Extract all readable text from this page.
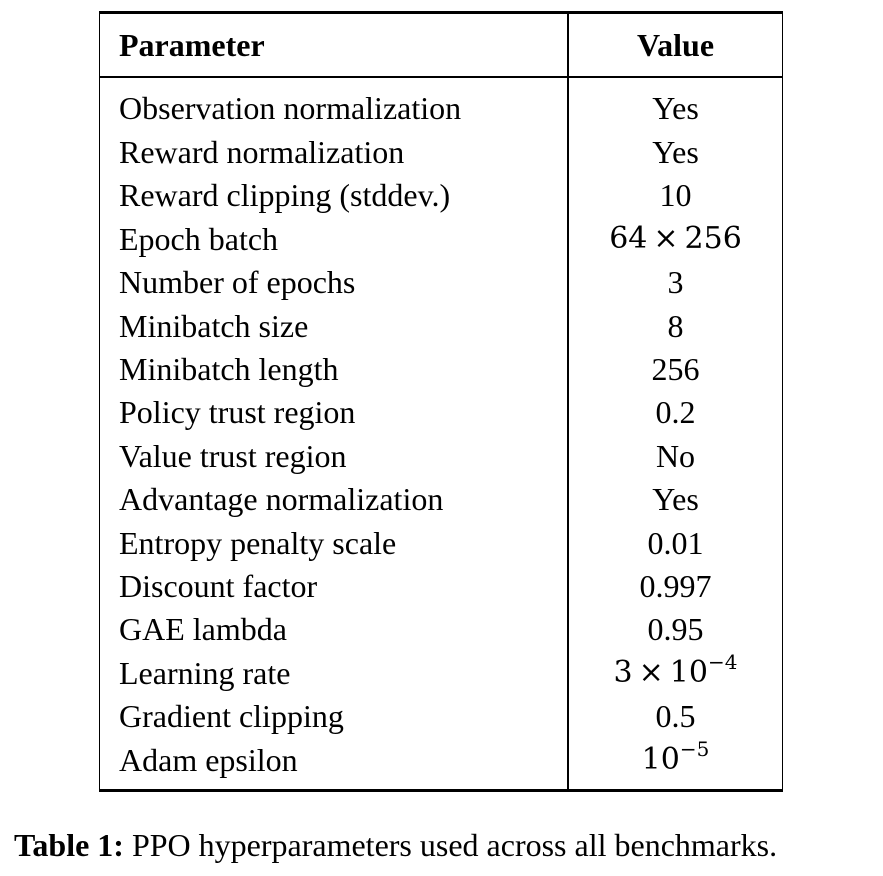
Parameter	Value
Observation normalization	Yes
Reward normalization	Yes
Reward clipping (stddev.)	10
Epoch batch	64 × 256
Number of epochs	3
Minibatch size	8
Minibatch length	256
Policy trust region	0.2
Value trust region	No
Advantage normalization	Yes
Entropy penalty scale	0.01
Discount factor	0.997
GAE lambda	0.95
Learning rate	$3 \times 10^{-4}$
Gradient clipping	0.5
Adam epsilon	$10^{-5}$
Table 1: PPO hyperparameters used across all benchmarks.
